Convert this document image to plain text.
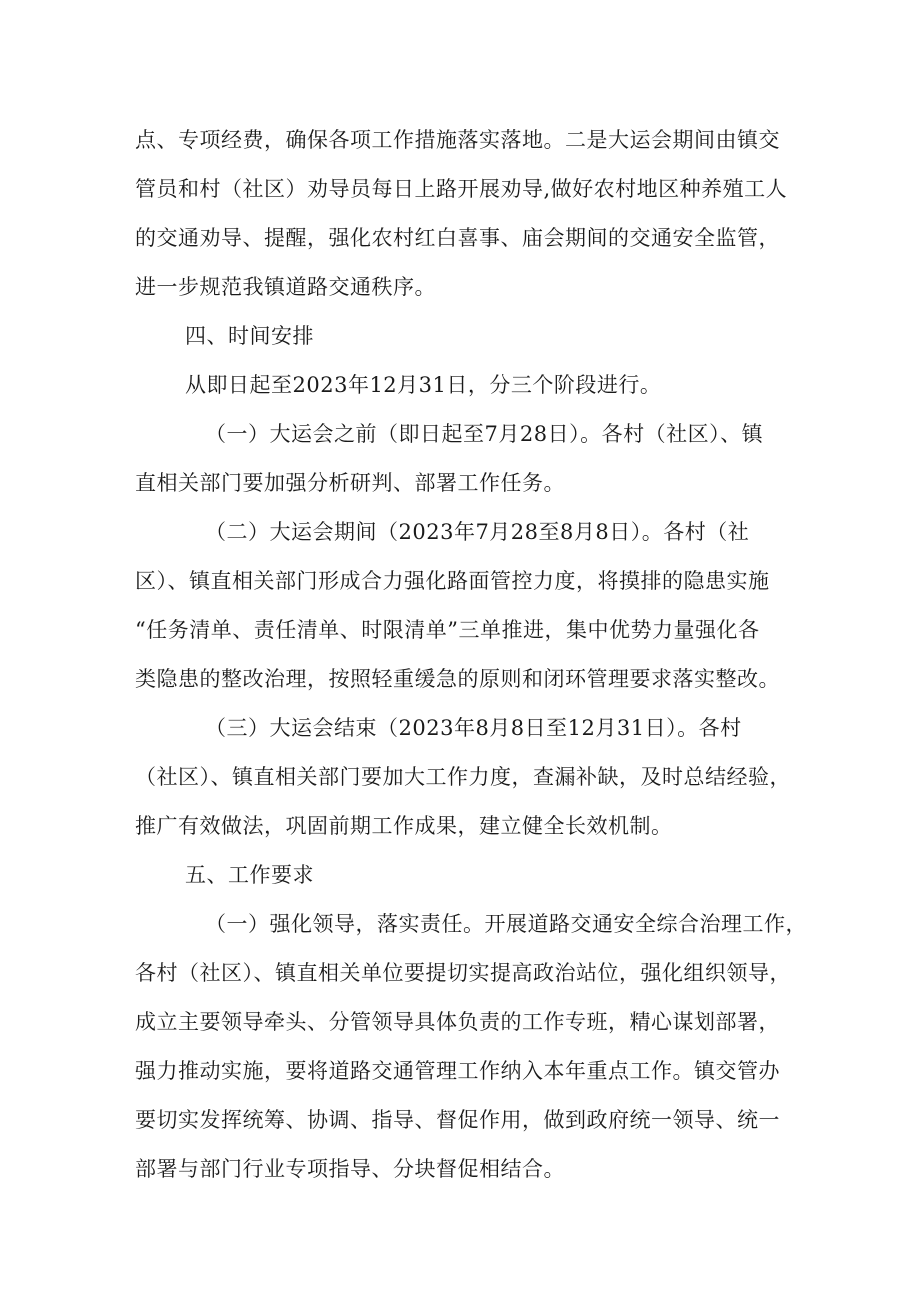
点、专项经费，确保各项工作措施落实落地。二是大运会期间由镇交

管员和村（社区）劝导员每日上路开展劝导,做好农村地区种养殖工人

的交通劝导、提醒，强化农村红白喜事、庙会期间的交通安全监管，

进一步规范我镇道路交通秩序。

四、时间安排

从即日起至2023年12月31日，分三个阶段进行。

（一）大运会之前（即日起至7月28日）。各村（社区）、镇

直相关部门要加强分析研判、部署工作任务。

（二）大运会期间（2023年7月28至8月8日）。各村（社

区）、镇直相关部门形成合力强化路面管控力度，将摸排的隐患实施

“任务清单、责任清单、时限清单”三单推进，集中优势力量强化各

类隐患的整改治理，按照轻重缓急的原则和闭环管理要求落实整改。

（三）大运会结束（2023年8月8日至12月31日）。各村

（社区）、镇直相关部门要加大工作力度，查漏补缺，及时总结经验，

推广有效做法，巩固前期工作成果，建立健全长效机制。

五、工作要求

（一）强化领导，落实责任。开展道路交通安全综合治理工作，

各村（社区）、镇直相关单位要提切实提高政治站位，强化组织领导，

成立主要领导牵头、分管领导具体负责的工作专班，精心谋划部署，

强力推动实施，要将道路交通管理工作纳入本年重点工作。镇交管办

要切实发挥统筹、协调、指导、督促作用，做到政府统一领导、统一

部署与部门行业专项指导、分块督促相结合。
